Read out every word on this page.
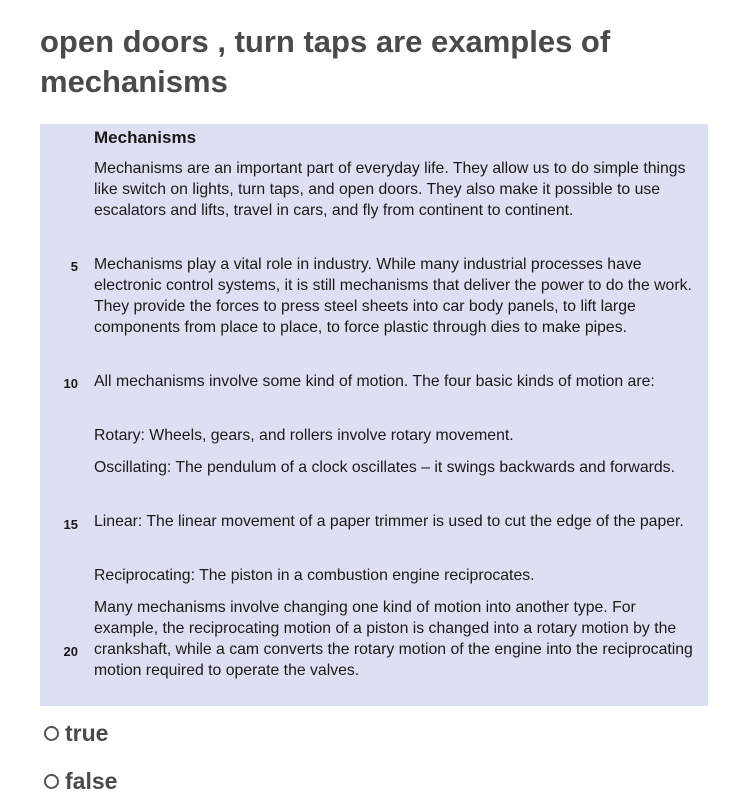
open doors , turn taps are examples of mechanisms
Mechanisms
Mechanisms are an important part of everyday life. They allow us to do simple things like switch on lights, turn taps, and open doors. They also make it possible to use escalators and lifts, travel in cars, and fly from continent to continent.
5 Mechanisms play a vital role in industry. While many industrial processes have electronic control systems, it is still mechanisms that deliver the power to do the work. They provide the forces to press steel sheets into car body panels, to lift large components from place to place, to force plastic through dies to make pipes.
10 All mechanisms involve some kind of motion. The four basic kinds of motion are:
Rotary: Wheels, gears, and rollers involve rotary movement.
Oscillating: The pendulum of a clock oscillates – it swings backwards and forwards.
15 Linear: The linear movement of a paper trimmer is used to cut the edge of the paper.
Reciprocating: The piston in a combustion engine reciprocates.
20
Many mechanisms involve changing one kind of motion into another type. For example, the reciprocating motion of a piston is changed into a rotary motion by the crankshaft, while a cam converts the rotary motion of the engine into the reciprocating motion required to operate the valves.
true
false
